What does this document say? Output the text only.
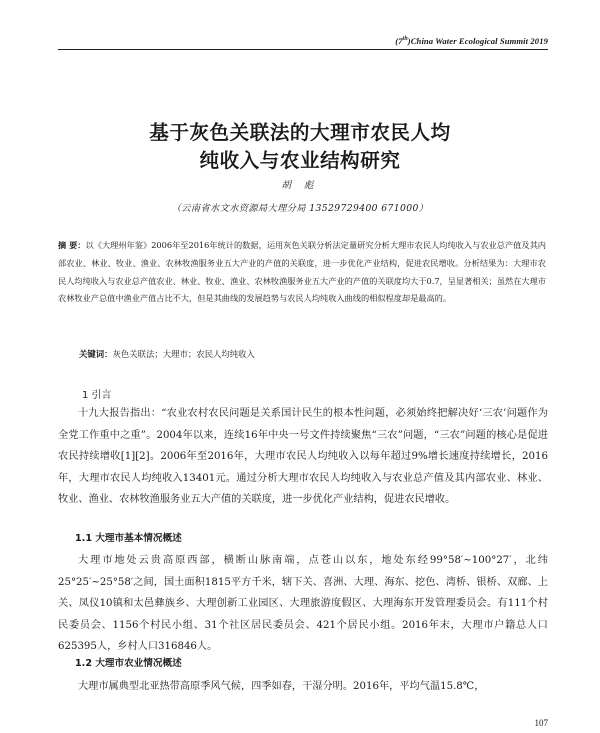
(7th)China Water Ecological Summit 2019
基于灰色关联法的大理市农民人均
纯收入与农业结构研究
胡 彪
（云南省水文水资源局大理分局 13529729400 671000）
摘 要：以《大理州年鉴》2006年至2016年统计的数据，运用灰色关联分析法定量研究分析大理市农民人均纯收入与农业总产值及其内部农业、林业、牧业、渔业、农林牧渔服务业五大产业的产值的关联度，进一步优化产业结构，促进农民增收。分析结果为：大理市农民人均纯收入与农业总产值农业、林业、牧业、渔业、农林牧渔服务业五大产业的产值的关联度均大于0.7，呈显著相关；虽然在大理市农林牧业产总值中渔业产值占比不大，但是其曲线的发展趋势与农民人均纯收入曲线的相似程度却是最高的。
关键词：灰色关联法；大理市；农民人均纯收入
1 引言
十九大报告指出：“农业农村农民问题是关系国计民生的根本性问题，必须始终把解决好‘三农’问题作为全党工作重中之重”。2004年以来，连续16年中央一号文件持续聚焦“三农”问题，“三农”问题的核心是促进农民持续增收[1][2]。2006年至2016年，大理市农民人均纯收入以每年超过9%增长速度持续增长，2016年，大理市农民人均纯收入13401元。通过分析大理市农民人均纯收入与农业总产值及其内部农业、林业、牧业、渔业、农林牧渔服务业五大产值的关联度，进一步优化产业结构，促进农民增收。
1.1 大理市基本情况概述
大理市地处云贵高原西部，横断山脉南端，点苍山以东，地处东经99°58′~100°27′，北纬25°25′~25°58′之间，国土面积1815平方千米，辖下关、喜洲、大理、海东、挖色、湾桥、银桥、双廊、上关、凤仪10镇和太邑彝族乡、大理创新工业园区、大理旅游度假区、大理海东开发管理委员会。有111个村民委员会、1156个村民小组、31个社区居民委员会、421个居民小组。2016年末，大理市户籍总人口625395人，乡村人口316846人。
1.2 大理市农业情况概述
大理市属典型北亚热带高原季风气候，四季如春，干湿分明。2016年，平均气温15.8℃，
107
